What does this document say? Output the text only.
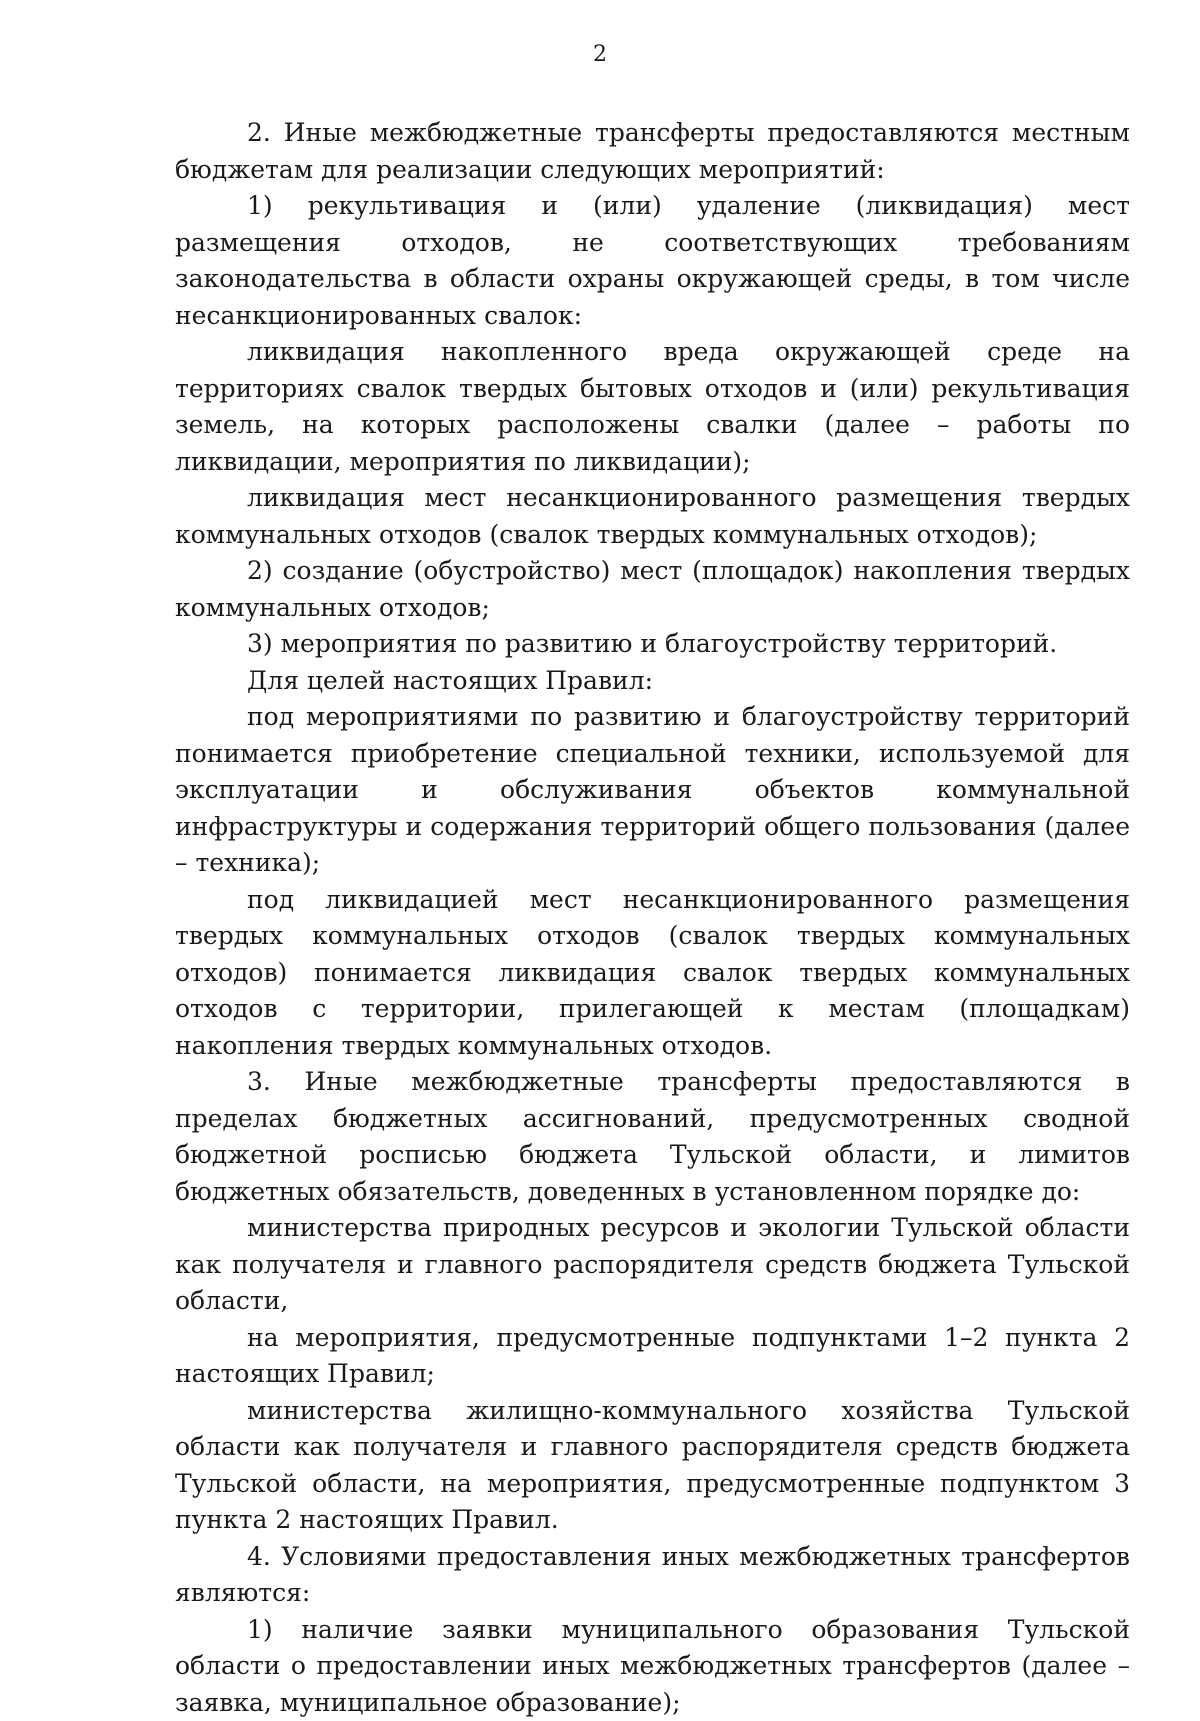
2

2. Иные межбюджетные трансферты предоставляются местным бюджетам для реализации следующих мероприятий:

1) рекультивация и (или) удаление (ликвидация) мест размещения отходов, не соответствующих требованиям законодательства в области охраны окружающей среды, в том числе несанкционированных свалок:

ликвидация накопленного вреда окружающей среде на территориях свалок твердых бытовых отходов и (или) рекультивация земель, на которых расположены свалки (далее – работы по ликвидации, мероприятия по ликвидации);

ликвидация мест несанкционированного размещения твердых коммунальных отходов (свалок твердых коммунальных отходов);

2) создание (обустройство) мест (площадок) накопления твердых коммунальных отходов;

3) мероприятия по развитию и благоустройству территорий.

Для целей настоящих Правил:

под мероприятиями по развитию и благоустройству территорий понимается приобретение специальной техники, используемой для эксплуатации и обслуживания объектов коммунальной инфраструктуры и содержания территорий общего пользования (далее – техника);

под ликвидацией мест несанкционированного размещения твердых коммунальных отходов (свалок твердых коммунальных отходов) понимается ликвидация свалок твердых коммунальных отходов с территории, прилегающей к местам (площадкам) накопления твердых коммунальных отходов.

3. Иные межбюджетные трансферты предоставляются в пределах бюджетных ассигнований, предусмотренных сводной бюджетной росписью бюджета Тульской области, и лимитов бюджетных обязательств, доведенных в установленном порядке до:

министерства природных ресурсов и экологии Тульской области как получателя и главного распорядителя средств бюджета Тульской области,

на мероприятия, предусмотренные подпунктами 1–2 пункта 2 настоящих Правил;

министерства жилищно-коммунального хозяйства Тульской области как получателя и главного распорядителя средств бюджета Тульской области, на мероприятия, предусмотренные подпунктом 3 пункта 2 настоящих Правил.

4. Условиями предоставления иных межбюджетных трансфертов являются:

1) наличие заявки муниципального образования Тульской области о предоставлении иных межбюджетных трансфертов (далее – заявка, муниципальное образование);
